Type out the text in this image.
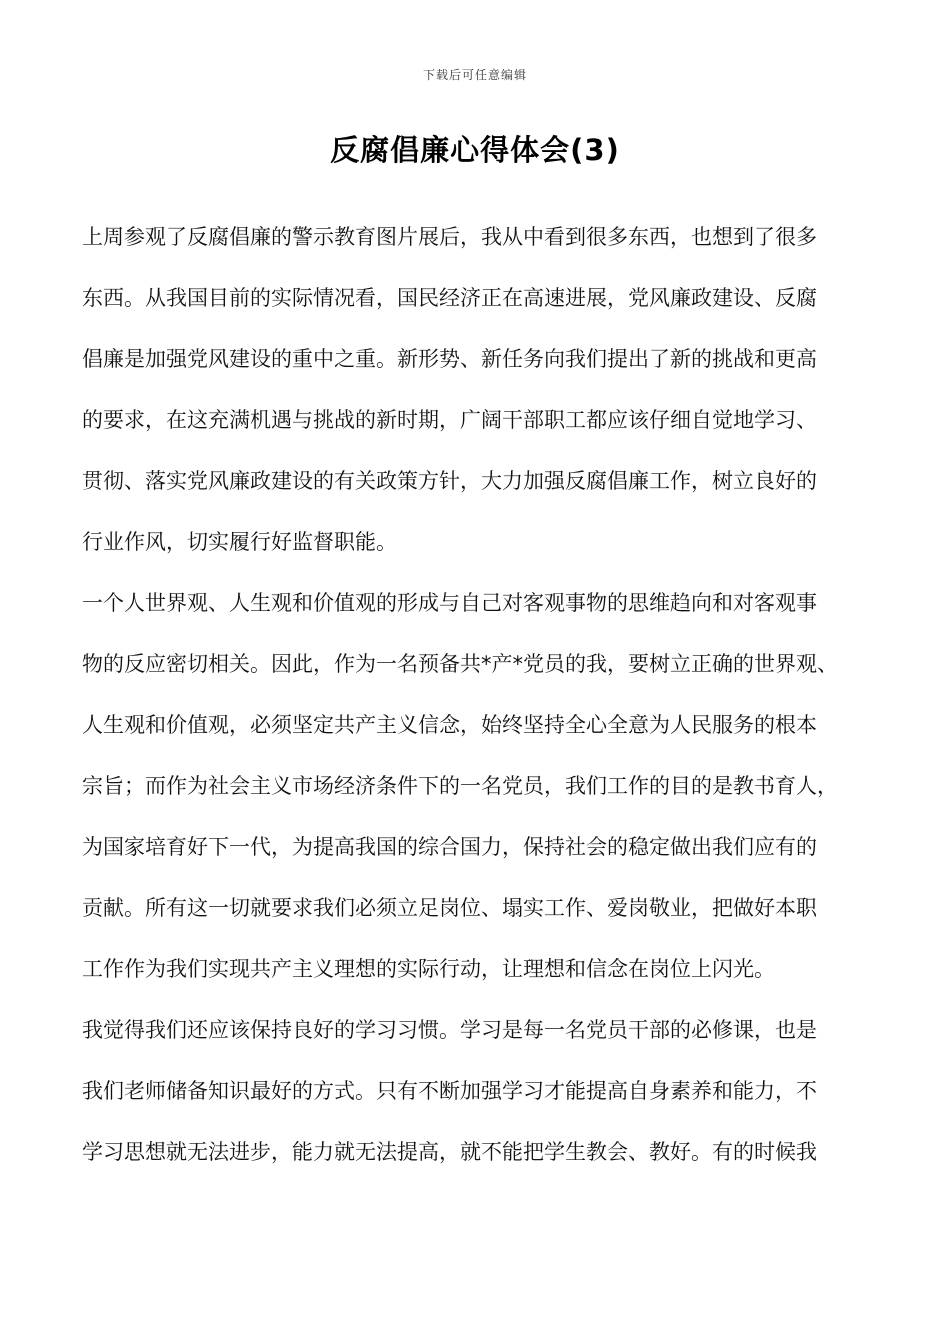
下载后可任意编辑
反腐倡廉心得体会(3)
上周参观了反腐倡廉的警示教育图片展后，我从中看到很多东西，也想到了很多
东西。从我国目前的实际情况看，国民经济正在高速进展，党风廉政建设、反腐
倡廉是加强党风建设的重中之重。新形势、新任务向我们提出了新的挑战和更高
的要求，在这充满机遇与挑战的新时期，广阔干部职工都应该仔细自觉地学习、
贯彻、落实党风廉政建设的有关政策方针，大力加强反腐倡廉工作，树立良好的
行业作风，切实履行好监督职能。
一个人世界观、人生观和价值观的形成与自己对客观事物的思维趋向和对客观事
物的反应密切相关。因此，作为一名预备共*产*党员的我，要树立正确的世界观、
人生观和价值观，必须坚定共产主义信念，始终坚持全心全意为人民服务的根本
宗旨；而作为社会主义市场经济条件下的一名党员，我们工作的目的是教书育人，
为国家培育好下一代，为提高我国的综合国力，保持社会的稳定做出我们应有的
贡献。所有这一切就要求我们必须立足岗位、塌实工作、爱岗敬业，把做好本职
工作作为我们实现共产主义理想的实际行动，让理想和信念在岗位上闪光。
我觉得我们还应该保持良好的学习习惯。学习是每一名党员干部的必修课，也是
我们老师储备知识最好的方式。只有不断加强学习才能提高自身素养和能力，不
学习思想就无法进步，能力就无法提高，就不能把学生教会、教好。有的时候我
